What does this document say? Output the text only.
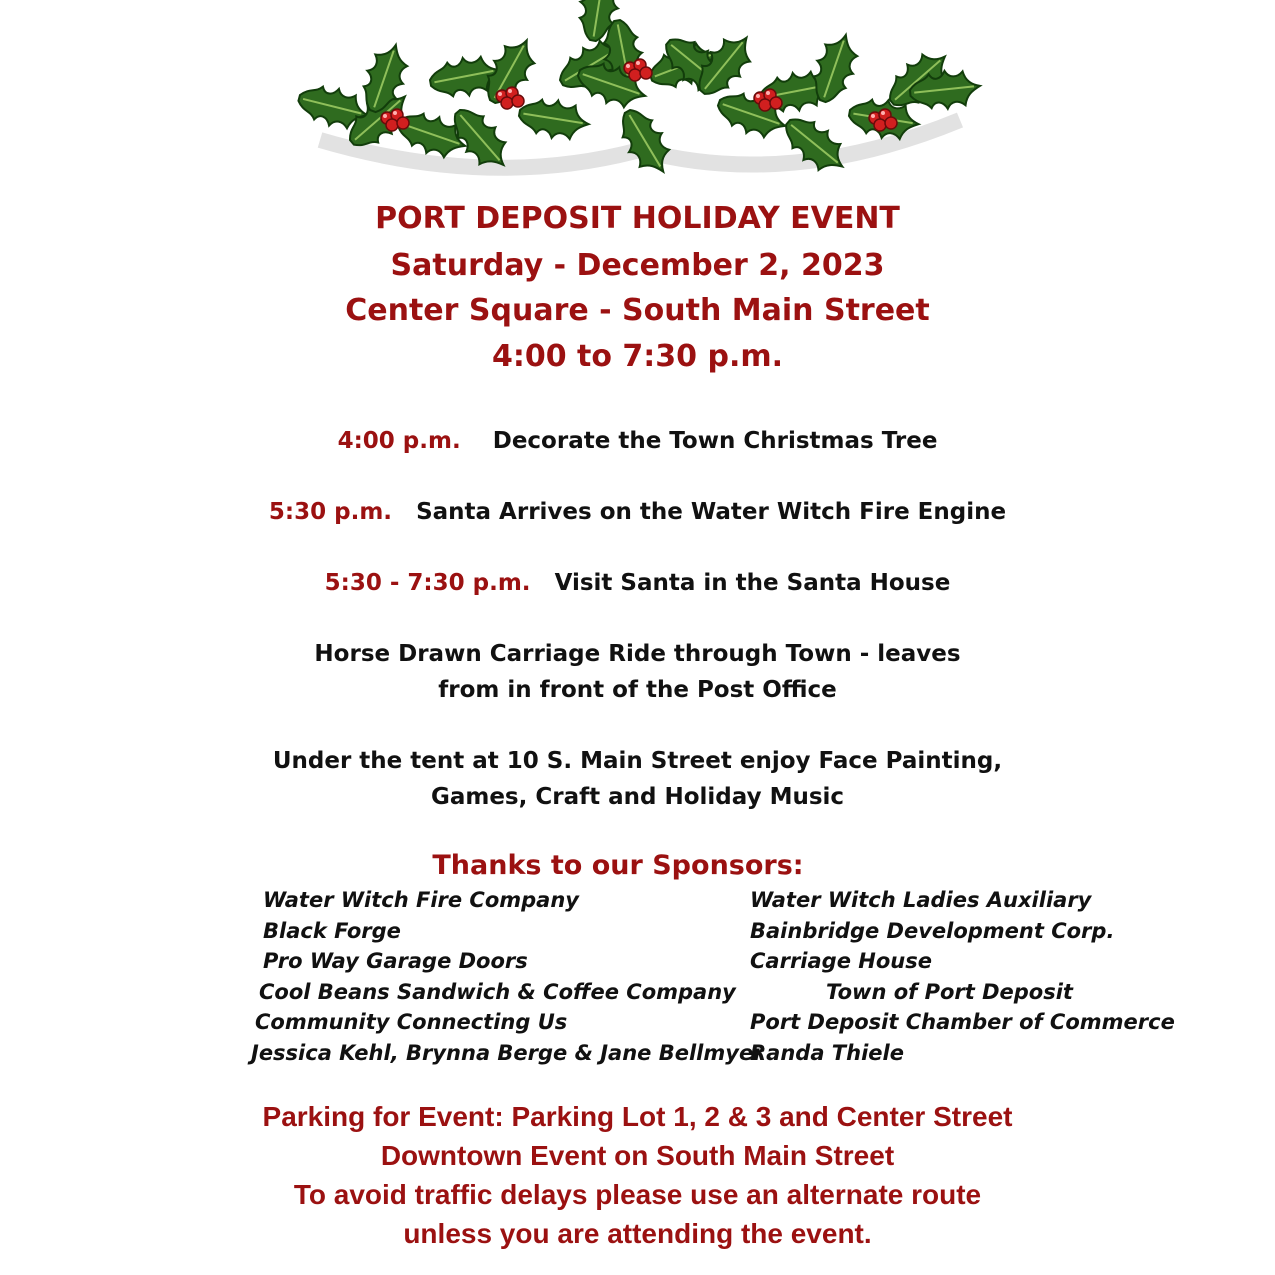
PORT DEPOSIT HOLIDAY EVENT
Saturday - December 2, 2023
Center Square - South Main Street
4:00 to 7:30 p.m.
4:00 p.m. Decorate the Town Christmas Tree
5:30 p.m. Santa Arrives on the Water Witch Fire Engine
5:30 - 7:30 p.m. Visit Santa in the Santa House
Horse Drawn Carriage Ride through Town - leaves
from in front of the Post Office
Under the tent at 10 S. Main Street enjoy Face Painting,
Games, Craft and Holiday Music
Thanks to our Sponsors:
Water Witch Fire Company
Black Forge
Pro Way Garage Doors
Cool Beans Sandwich & Coffee Company
Community Connecting Us
Jessica Kehl, Brynna Berge & Jane Bellmyer
Water Witch Ladies Auxiliary
Bainbridge Development Corp.
Carriage House
Town of Port Deposit
Port Deposit Chamber of Commerce
Randa Thiele
Parking for Event: Parking Lot 1, 2 & 3 and Center Street
Downtown Event on South Main Street
To avoid traffic delays please use an alternate route
unless you are attending the event.
